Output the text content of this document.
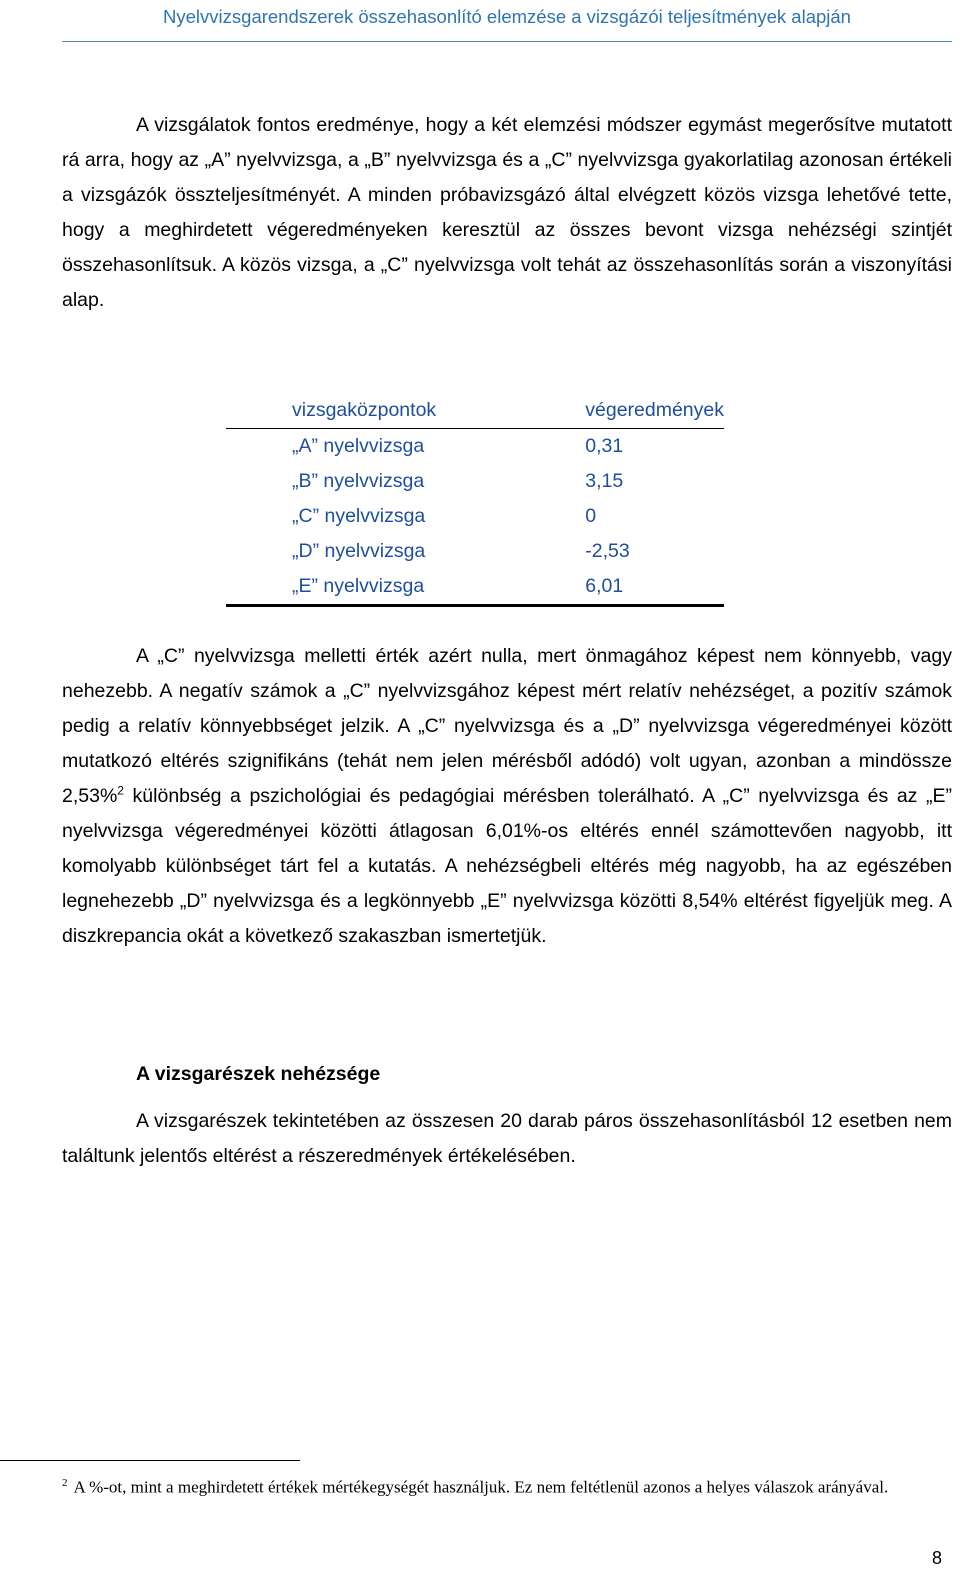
Nyelvvizsgarendszerek összehasonlító elemzése a vizsgázói teljesítmények alapján

A vizsgálatok fontos eredménye, hogy a két elemzési módszer egymást megerősítve mutatott rá arra, hogy az „A” nyelvvizsga, a „B” nyelvvizsga és a „C” nyelvvizsga gyakorlatilag azonosan értékeli a vizsgázók összteljesítményét. A minden próbavizsgázó által elvégzett közös vizsga lehetővé tette, hogy a meghirdetett végeredményeken keresztül az összes bevont vizsga nehézségi szintjét összehasonlítsuk. A közös vizsga, a „C” nyelvvizsga volt tehát az összehasonlítás során a viszonyítási alap.

vizsgaközpontok	végeredmények
„A” nyelvvizsga	0,31
„B” nyelvvizsga	3,15
„C” nyelvvizsga	0
„D” nyelvvizsga	-2,53
„E” nyelvvizsga	6,01

A „C” nyelvvizsga melletti érték azért nulla, mert önmagához képest nem könnyebb, vagy nehezebb. A negatív számok a „C” nyelvvizsgához képest mért relatív nehézséget, a pozitív számok pedig a relatív könnyebbséget jelzik. A „C” nyelvvizsga és a „D” nyelvvizsga végeredményei között mutatkozó eltérés szignifikáns (tehát nem jelen mérésből adódó) volt ugyan, azonban a mindössze 2,53%$^2$ különbség a pszichológiai és pedagógiai mérésben tolerálható. A „C” nyelvvizsga és az „E” nyelvvizsga végeredményei közötti átlagosan 6,01%-os eltérés ennél számottevően nagyobb, itt komolyabb különbséget tárt fel a kutatás. A nehézségbeli eltérés még nagyobb, ha az egészében legnehezebb „D” nyelvvizsga és a legkönnyebb „E” nyelvvizsga közötti 8,54% eltérést figyeljük meg. A diszkrepancia okát a következő szakaszban ismertetjük.

A vizsgarészek nehézsége

A vizsgarészek tekintetében az összesen 20 darab páros összehasonlításból 12 esetben nem találtunk jelentős eltérést a részeredmények értékelésében.

$^2$ A %-ot, mint a meghirdetett értékek mértékegységét használjuk. Ez nem feltétlenül azonos a helyes válaszok arányával.

8
